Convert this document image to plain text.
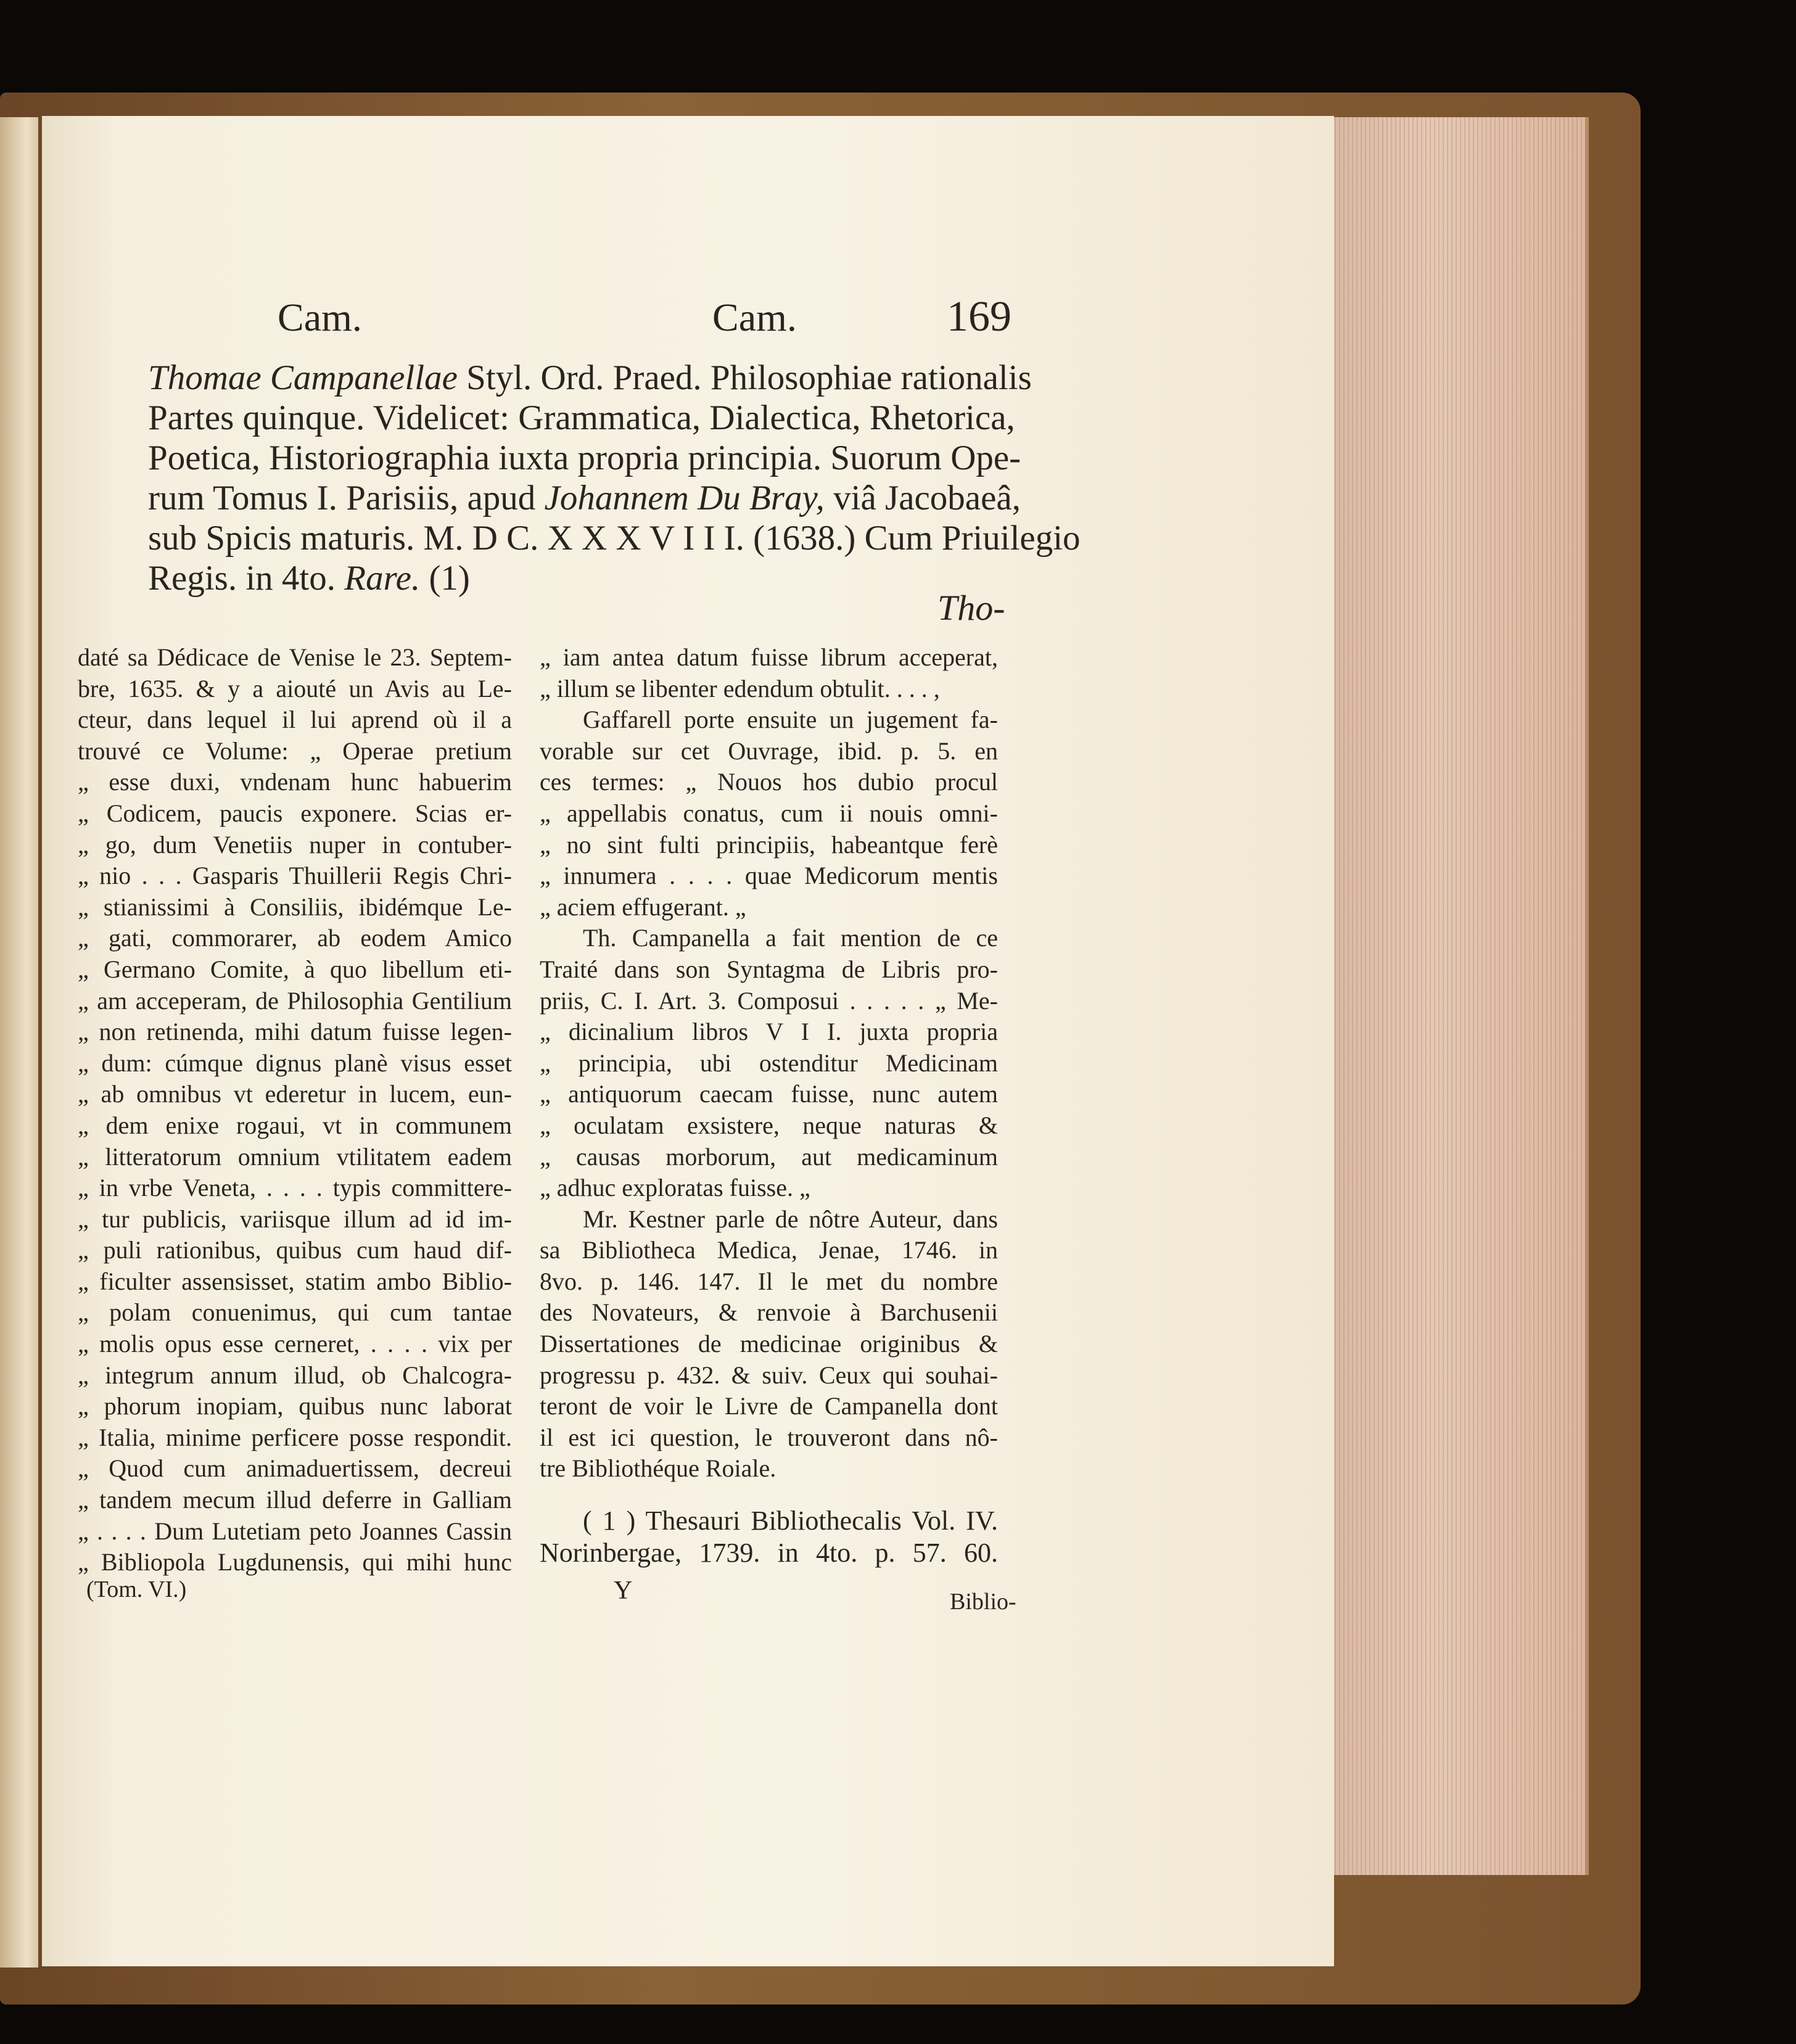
Cam.	Cam.	169
Thomae Campanellae Styl. Ord. Praed. Philosophiae rationalis
Partes quinque. Videlicet: Grammatica, Dialectica, Rhetorica,
Poetica, Historiographia iuxta propria principia. Suorum Ope-
rum Tomus I. Parisiis, apud Johannem Du Bray, viâ Jacobaeâ,
sub Spicis maturis. M. D C. X X X V I I I. (1638.) Cum Priuilegio
Regis. in 4to. Rare. (1)
Tho-
daté sa Dédicace de Venise le 23. Septem-
bre, 1635. & y a aiouté un Avis au Le-
cteur, dans lequel il lui aprend où il a
trouvé ce Volume: „ Operae pretium
„ esse duxi, vndenam hunc habuerim
„ Codicem, paucis exponere. Scias er-
„ go, dum Venetiis nuper in contuber-
„ nio . . . Gasparis Thuillerii Regis Chri-
„ stianissimi à Consiliis, ibidémque Le-
„ gati, commorarer, ab eodem Amico
„ Germano Comite, à quo libellum eti-
„ am acceperam, de Philosophia Gentilium
„ non retinenda, mihi datum fuisse legen-
„ dum: cúmque dignus planè visus esset
„ ab omnibus vt ederetur in lucem, eun-
„ dem enixe rogaui, vt in communem
„ litteratorum omnium vtilitatem eadem
„ in vrbe Veneta, . . . . typis committere-
„ tur publicis, variisque illum ad id im-
„ puli rationibus, quibus cum haud dif-
„ ficulter assensisset, statim ambo Biblio-
„ polam conuenimus, qui cum tantae
„ molis opus esse cerneret, . . . . vix per
„ integrum annum illud, ob Chalcogra-
„ phorum inopiam, quibus nunc laborat
„ Italia, minime perficere posse respondit.
„ Quod cum animaduertissem, decreui
„ tandem mecum illud deferre in Galliam
„ . . . . Dum Lutetiam peto Joannes Cassin
„ Bibliopola Lugdunensis, qui mihi hunc
(Tom. VI.)
„ iam antea datum fuisse librum acceperat,
„ illum se libenter edendum obtulit. . . . ,
Gaffarell porte ensuite un jugement fa-
vorable sur cet Ouvrage, ibid. p. 5. en
ces termes: „ Nouos hos dubio procul
„ appellabis conatus, cum ii nouis omni-
„ no sint fulti principiis, habeantque ferè
„ innumera . . . . quae Medicorum mentis
„ aciem effugerant. „
Th. Campanella a fait mention de ce
Traité dans son Syntagma de Libris pro-
priis, C. I. Art. 3. Composui . . . . . „ Me-
„ dicinalium libros V I I. juxta propria
„ principia, ubi ostenditur Medicinam
„ antiquorum caecam fuisse, nunc autem
„ oculatam exsistere, neque naturas &
„ causas morborum, aut medicaminum
„ adhuc exploratas fuisse. „
Mr. Kestner parle de nôtre Auteur, dans
sa Bibliotheca Medica, Jenae, 1746. in
8vo. p. 146. 147. Il le met du nombre
des Novateurs, & renvoie à Barchusenii
Dissertationes de medicinae originibus &
progressu p. 432. & suiv. Ceux qui souhai-
teront de voir le Livre de Campanella dont
il est ici question, le trouveront dans nô-
tre Bibliothéque Roiale.
( 1 ) Thesauri Bibliothecalis Vol. IV.
Norinbergae, 1739. in 4to. p. 57. 60.
Y	Biblio-
